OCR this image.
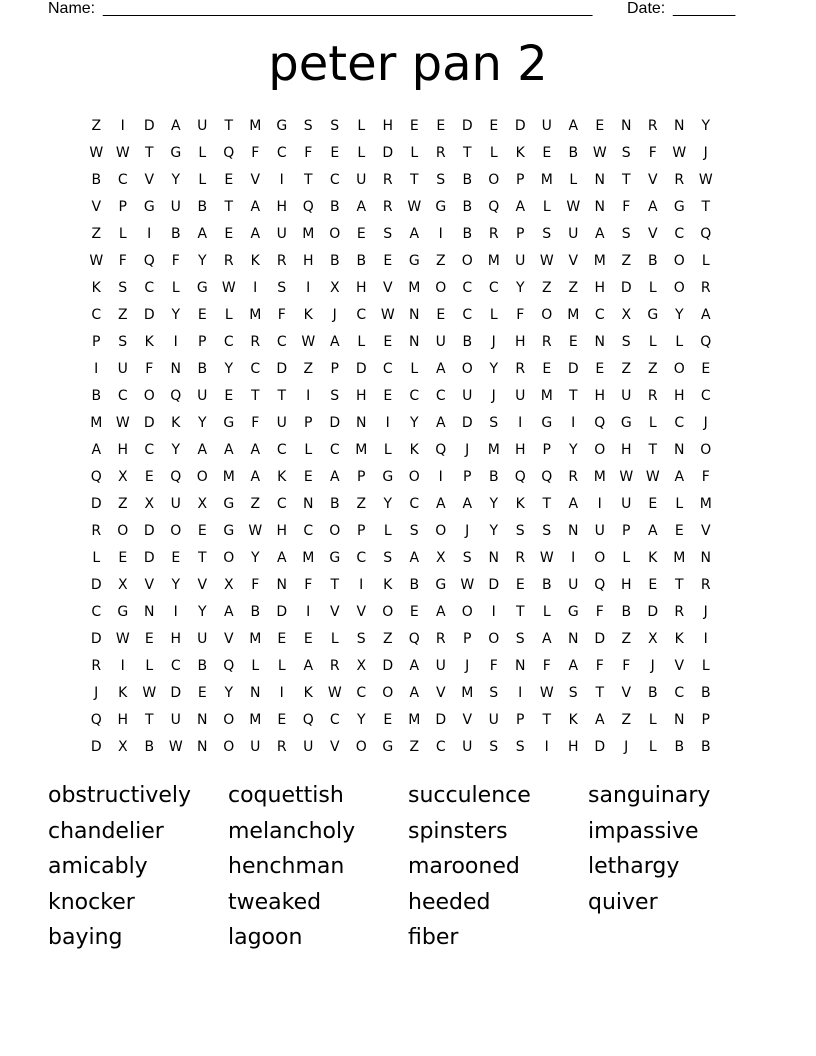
Name: _______________________________________________________ Date: _______
peter pan 2
Z	I	D	A	U	T	M	G	S	S	L	H	E	E	D	E	D	U	A	E	N	R	N	Y
W W	T	G	L	Q	F	C	F	E	L	D	L	R	T	L	K	E	B	W	S	F	W	J
B	C	V	Y	L	E	V	I	T	C	U	R	T	S	B	O	P	M	L	N	T	V	R	W
V	P	G	U	B	T	A	H	Q	B	A	R	W	G	B	Q	A	L	W	N	F	A	G	T
Z	L	I	B	A	E	A	U	M	O	E	S	A	I	B	R	P	S	U	A	S	V	C	Q
W	F	Q	F	Y	R	K	R	H	B	B	E	G	Z	O	M	U	W	V	M	Z	B	O	L
K	S	C	L	G	W	I	S	I	X	H	V	M	O	C	C	Y	Z	Z	H	D	L	O	R
C	Z	D	Y	E	L	M	F	K	J	C	W	N	E	C	L	F	O	M	C	X	G	Y	A
P	S	K	I	P	C	R	C	W	A	L	E	N	U	B	J	H	R	E	N	S	L	L	Q
I	U	F	N	B	Y	C	D	Z	P	D	C	L	A	O	Y	R	E	D	E	Z	Z	O	E
B	C	O	Q	U	E	T	T	I	S	H	E	C	C	U	J	U	M	T	H	U	R	H	C
M W	D	K	Y	G	F	U	P	D	N	I	Y	A	D	S	I	G	I	Q	G	L	C	J
A	H	C	Y	A	A	A	C	L	C	M	L	K	Q	J	M	H	P	Y	O	H	T	N	O
Q	X	E	Q	O	M	A	K	E	A	P	G	O	I	P	B	Q	Q	R	M W W	A	F
D	Z	X	U	X	G	Z	C	N	B	Z	Y	C	A	A	Y	K	T	A	I	U	E	L	M
R	O	D	O	E	G	W	H	C	O	P	L	S	O	J	Y	S	S	N	U	P	A	E	V
L	E	D	E	T	O	Y	A	M	G	C	S	A	X	S	N	R	W	I	O	L	K	M	N
D	X	V	Y	V	X	F	N	F	T	I	K	B	G	W	D	E	B	U	Q	H	E	T	R
C	G	N	I	Y	A	B	D	I	V	V	O	E	A	O	I	T	L	G	F	B	D	R	J
D	W	E	H	U	V	M	E	E	L	S	Z	Q	R	P	O	S	A	N	D	Z	X	K	I
R	I	L	C	B	Q	L	L	A	R	X	D	A	U	J	F	N	F	A	F	F	J	V	L
J	K	W	D	E	Y	N	I	K	W	C	O	A	V	M	S	I	W	S	T	V	B	C	B
Q	H	T	U	N	O	M	E	Q	C	Y	E	M	D	V	U	P	T	K	A	Z	L	N	P
D	X	B	W	N	O	U	R	U	V	O	G	Z	C	U	S	S	I	H	D	J	L	B	B
obstructively
chandelier
amicably
knocker
baying
coquettish
melancholy
henchman
tweaked
lagoon
succulence
spinsters
marooned
heeded
fiber
sanguinary
impassive
lethargy
quiver
